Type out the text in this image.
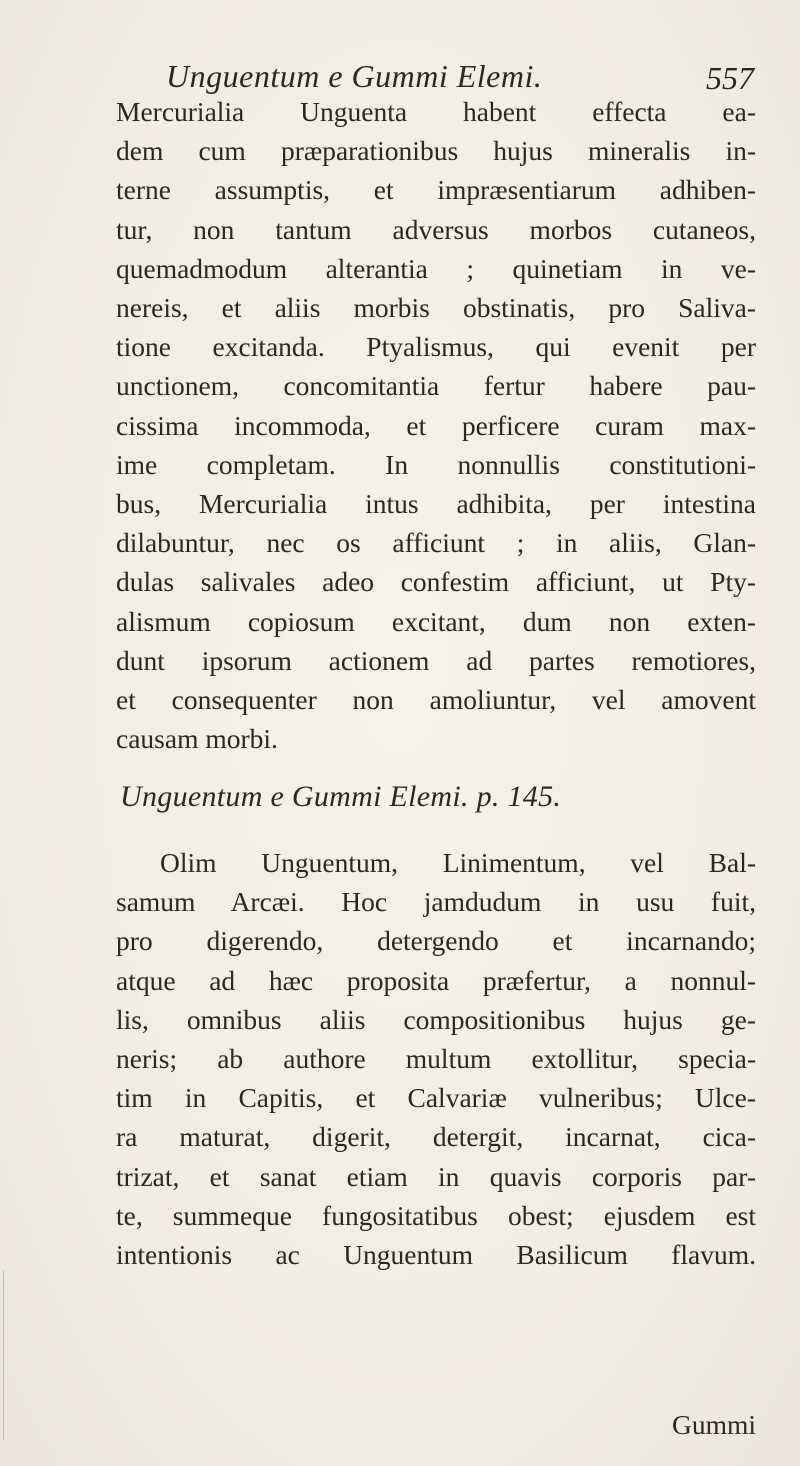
Unguentum e Gummi Elemi.	557
Mercurialia Unguenta habent effecta ea-
dem cum præparationibus hujus mineralis in-
terne assumptis, et impræsentiarum adhiben-
tur, non tantum adversus morbos cutaneos,
quemadmodum alterantia ; quinetiam in ve-
nereis, et aliis morbis obstinatis, pro Saliva-
tione excitanda. Ptyalismus, qui evenit per
unctionem, concomitantia fertur habere pau-
cissima incommoda, et perficere curam max-
ime completam. In nonnullis constitutioni-
bus, Mercurialia intus adhibita, per intestina
dilabuntur, nec os afficiunt ; in aliis, Glan-
dulas salivales adeo confestim afficiunt, ut Pty-
alismum copiosum excitant, dum non exten-
dunt ipsorum actionem ad partes remotiores,
et consequenter non amoliuntur, vel amovent
causam morbi.
Unguentum e Gummi Elemi. p. 145.
Olim Unguentum, Linimentum, vel Bal-
samum Arcæi. Hoc jamdudum in usu fuit,
pro digerendo, detergendo et incarnando;
atque ad hæc proposita præfertur, a nonnul-
lis, omnibus aliis compositionibus hujus ge-
neris; ab authore multum extollitur, specia-
tim in Capitis, et Calvariæ vulneribus; Ulce-
ra maturat, digerit, detergit, incarnat, cica-
trizat, et sanat etiam in quavis corporis par-
te, summeque fungositatibus obest; ejusdem est
intentionis ac Unguentum Basilicum flavum.
Gummi
